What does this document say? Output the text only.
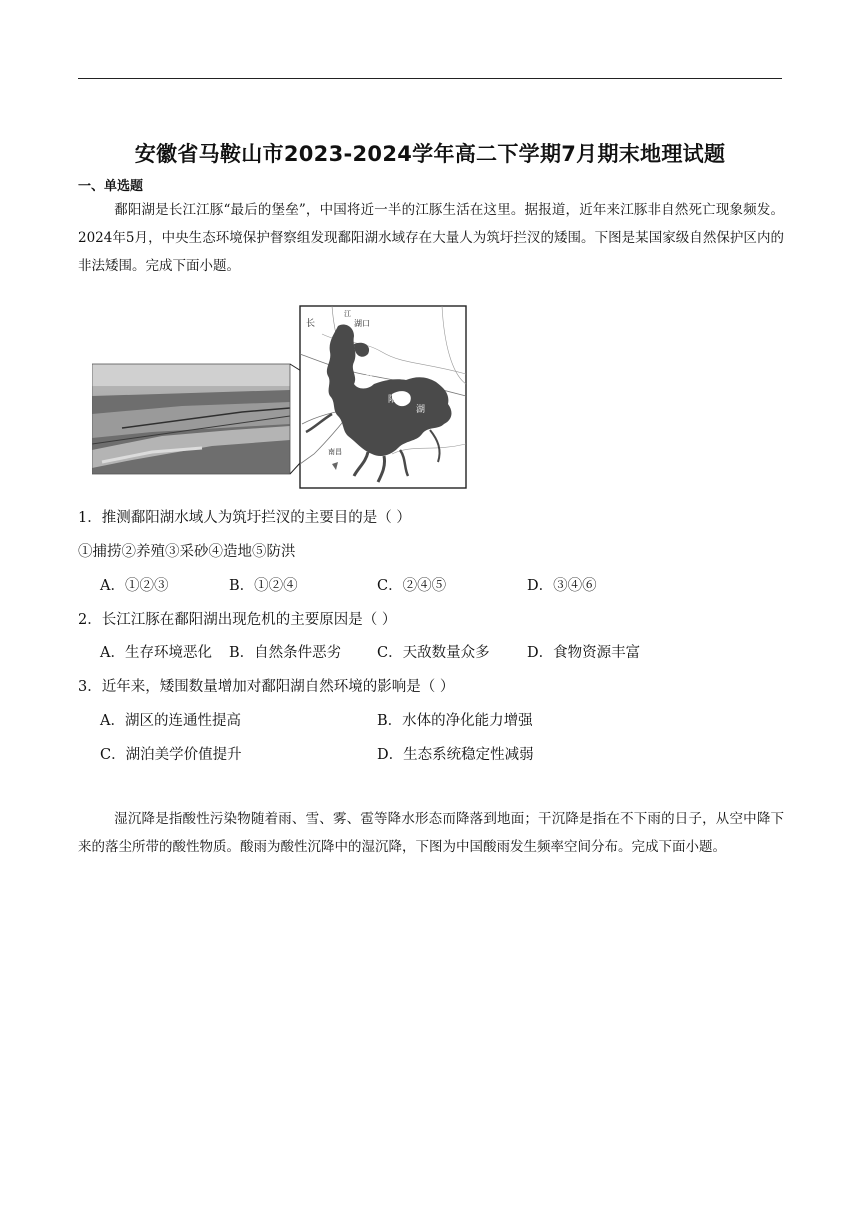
安徽省马鞍山市2023-2024学年高二下学期7月期末地理试题
一、单选题
鄱阳湖是长江江豚“最后的堡垒”，中国将近一半的江豚生活在这里。据报道，近年来江豚非自然死亡现象频发。2024年5月，中央生态环境保护督察组发现鄱阳湖水域存在大量人为筑圩拦汊的矮围。下图是某国家级自然保护区内的非法矮围。完成下面小题。
长
江
湖口
鄱
阳
湖
南昌
1．推测鄱阳湖水域人为筑圩拦汊的主要目的是（ ）
①捕捞②养殖③采砂④造地⑤防洪
A．①②③	B．①②④	C．②④⑤	D．③④⑥
2．长江江豚在鄱阳湖出现危机的主要原因是（ ）
A．生存环境恶化 B．自然条件恶劣 C．天敌数量众多	D．食物资源丰富
3．近年来，矮围数量增加对鄱阳湖自然环境的影响是（ ）
A．湖区的连通性提高	B．水体的净化能力增强
C．湖泊美学价值提升	D．生态系统稳定性减弱
湿沉降是指酸性污染物随着雨、雪、雾、雹等降水形态而降落到地面；干沉降是指在不下雨的日子，从空中降下来的落尘所带的酸性物质。酸雨为酸性沉降中的湿沉降，下图为中国酸雨发生频率空间分布。完成下面小题。
